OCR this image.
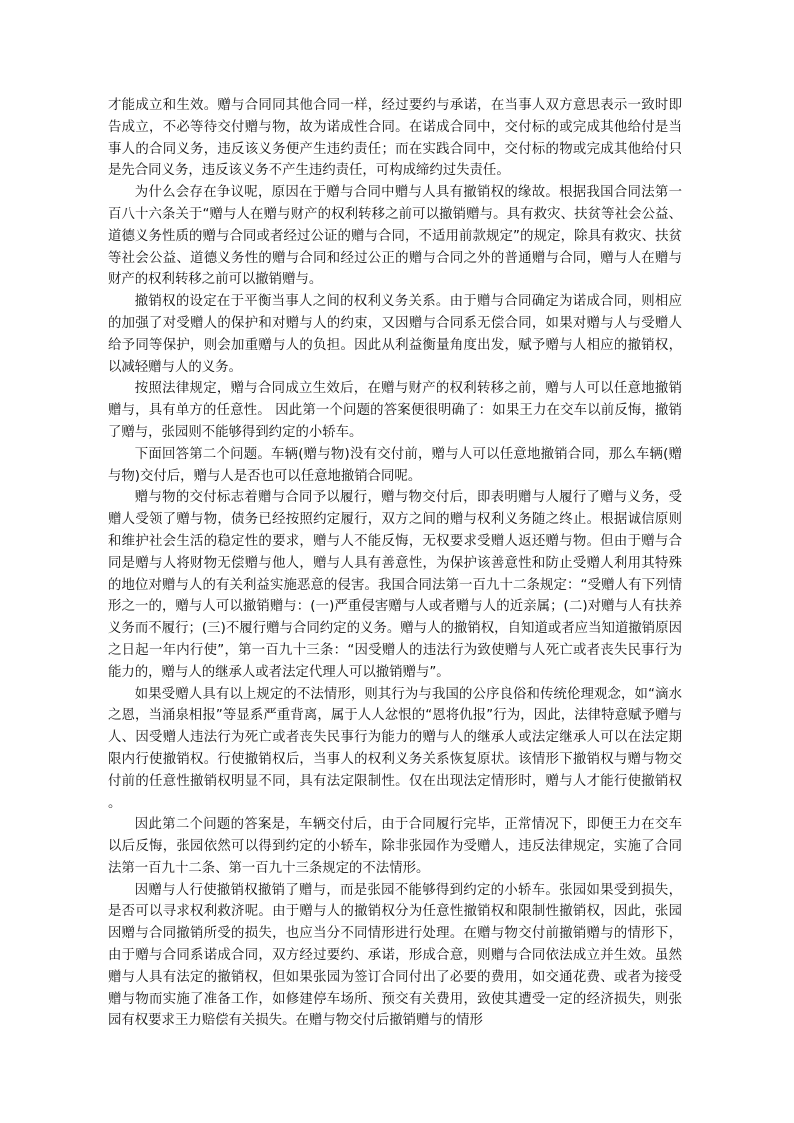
才能成立和生效。赠与合同同其他合同一样，经过要约与承诺，在当事人双方意思表示一致时即告成立，不必等待交付赠与物，故为诺成性合同。在诺成合同中，交付标的或完成其他给付是当事人的合同义务，违反该义务便产生违约责任；而在实践合同中，交付标的物或完成其他给付只是先合同义务，违反该义务不产生违约责任，可构成缔约过失责任。

为什么会存在争议呢，原因在于赠与合同中赠与人具有撤销权的缘故。根据我国合同法第一百八十六条关于“赠与人在赠与财产的权利转移之前可以撤销赠与。具有救灾、扶贫等社会公益、道德义务性质的赠与合同或者经过公证的赠与合同，不适用前款规定”的规定，除具有救灾、扶贫等社会公益、道德义务性的赠与合同和经过公正的赠与合同之外的普通赠与合同，赠与人在赠与财产的权利转移之前可以撤销赠与。

撤销权的设定在于平衡当事人之间的权利义务关系。由于赠与合同确定为诺成合同，则相应的加强了对受赠人的保护和对赠与人的约束，又因赠与合同系无偿合同，如果对赠与人与受赠人给予同等保护，则会加重赠与人的负担。因此从利益衡量角度出发，赋予赠与人相应的撤销权，以减轻赠与人的义务。

按照法律规定，赠与合同成立生效后，在赠与财产的权利转移之前，赠与人可以任意地撤销赠与，具有单方的任意性。 因此第一个问题的答案便很明确了：如果王力在交车以前反悔，撤销了赠与，张园则不能够得到约定的小轿车。

下面回答第二个问题。车辆(赠与物)没有交付前，赠与人可以任意地撤销合同，那么车辆(赠与物)交付后，赠与人是否也可以任意地撤销合同呢。

赠与物的交付标志着赠与合同予以履行，赠与物交付后，即表明赠与人履行了赠与义务，受赠人受领了赠与物，债务已经按照约定履行，双方之间的赠与权利义务随之终止。根据诚信原则和维护社会生活的稳定性的要求，赠与人不能反悔，无权要求受赠人返还赠与物。但由于赠与合同是赠与人将财物无偿赠与他人，赠与人具有善意性，为保护该善意性和防止受赠人利用其特殊的地位对赠与人的有关利益实施恶意的侵害。我国合同法第一百九十二条规定：“受赠人有下列情形之一的，赠与人可以撤销赠与：(一)严重侵害赠与人或者赠与人的近亲属；(二)对赠与人有扶养义务而不履行；(三)不履行赠与合同约定的义务。赠与人的撤销权，自知道或者应当知道撤销原因之日起一年内行使”，第一百九十三条：“因受赠人的违法行为致使赠与人死亡或者丧失民事行为能力的，赠与人的继承人或者法定代理人可以撤销赠与”。

如果受赠人具有以上规定的不法情形，则其行为与我国的公序良俗和传统伦理观念，如“滴水之恩，当涌泉相报”等显系严重背离，属于人人忿恨的“恩将仇报”行为，因此，法律特意赋予赠与人、因受赠人违法行为死亡或者丧失民事行为能力的赠与人的继承人或法定继承人可以在法定期限内行使撤销权。行使撤销权后，当事人的权利义务关系恢复原状。该情形下撤销权与赠与物交付前的任意性撤销权明显不同，具有法定限制性。仅在出现法定情形时，赠与人才能行使撤销权。

因此第二个问题的答案是，车辆交付后，由于合同履行完毕，正常情况下，即便王力在交车以后反悔，张园依然可以得到约定的小轿车，除非张园作为受赠人，违反法律规定，实施了合同法第一百九十二条、第一百九十三条规定的不法情形。

因赠与人行使撤销权撤销了赠与，而是张园不能够得到约定的小轿车。张园如果受到损失，是否可以寻求权利救济呢。由于赠与人的撤销权分为任意性撤销权和限制性撤销权，因此，张园因赠与合同撤销所受的损失，也应当分不同情形进行处理。在赠与物交付前撤销赠与的情形下，由于赠与合同系诺成合同，双方经过要约、承诺，形成合意，则赠与合同依法成立并生效。虽然赠与人具有法定的撤销权，但如果张园为签订合同付出了必要的费用，如交通花费、或者为接受赠与物而实施了准备工作，如修建停车场所、预交有关费用，致使其遭受一定的经济损失，则张园有权要求王力赔偿有关损失。在赠与物交付后撤销赠与的情形
